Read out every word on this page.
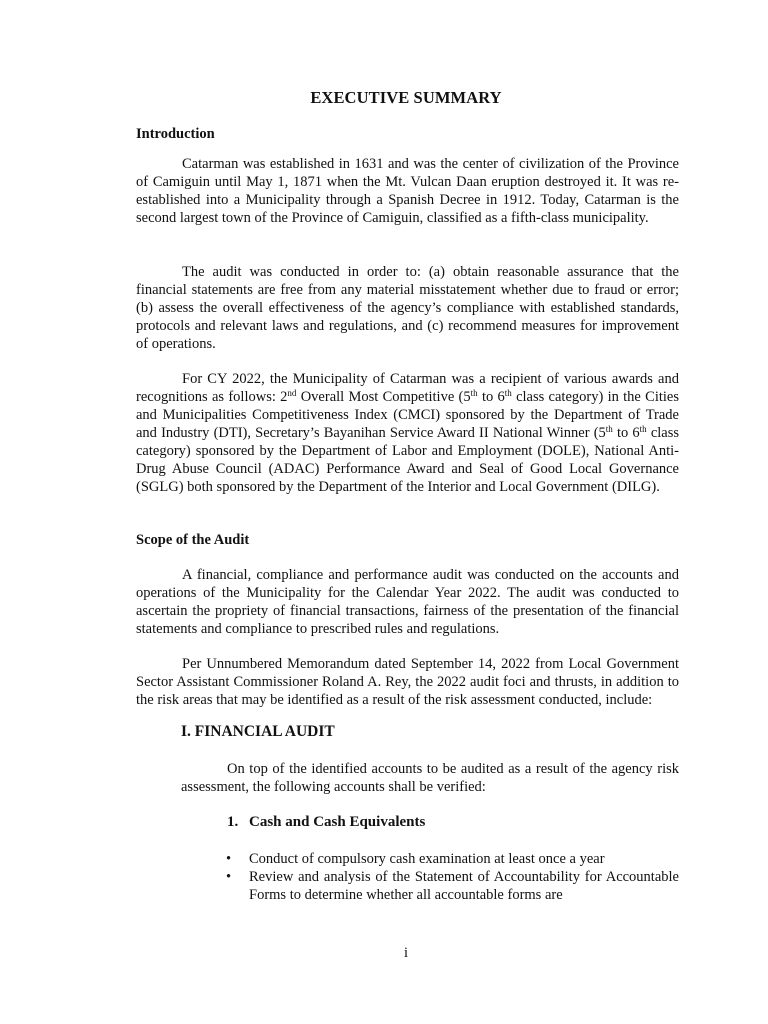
EXECUTIVE SUMMARY
Introduction

Catarman was established in 1631 and was the center of civilization of the Province of Camiguin until May 1, 1871 when the Mt. Vulcan Daan eruption destroyed it. It was re-established into a Municipality through a Spanish Decree in 1912. Today, Catarman is the second largest town of the Province of Camiguin, classified as a fifth-class municipality.

The audit was conducted in order to: (a) obtain reasonable assurance that the financial statements are free from any material misstatement whether due to fraud or error; (b) assess the overall effectiveness of the agency’s compliance with established standards, protocols and relevant laws and regulations, and (c) recommend measures for improvement of operations.

For CY 2022, the Municipality of Catarman was a recipient of various awards and recognitions as follows: 2nd Overall Most Competitive (5th to 6th class category) in the Cities and Municipalities Competitiveness Index (CMCI) sponsored by the Department of Trade and Industry (DTI), Secretary’s Bayanihan Service Award II National Winner (5th to 6th class category) sponsored by the Department of Labor and Employment (DOLE), National Anti-Drug Abuse Council (ADAC) Performance Award and Seal of Good Local Governance (SGLG) both sponsored by the Department of the Interior and Local Government (DILG).

Scope of the Audit

A financial, compliance and performance audit was conducted on the accounts and operations of the Municipality for the Calendar Year 2022. The audit was conducted to ascertain the propriety of financial transactions, fairness of the presentation of the financial statements and compliance to prescribed rules and regulations.

Per Unnumbered Memorandum dated September 14, 2022 from Local Government Sector Assistant Commissioner Roland A. Rey, the 2022 audit foci and thrusts, in addition to the risk areas that may be identified as a result of the risk assessment conducted, include:

I. FINANCIAL AUDIT

On top of the identified accounts to be audited as a result of the agency risk assessment, the following accounts shall be verified:

1. Cash and Cash Equivalents
• Conduct of compulsory cash examination at least once a year
• Review and analysis of the Statement of Accountability for Accountable Forms to determine whether all accountable forms are
i
